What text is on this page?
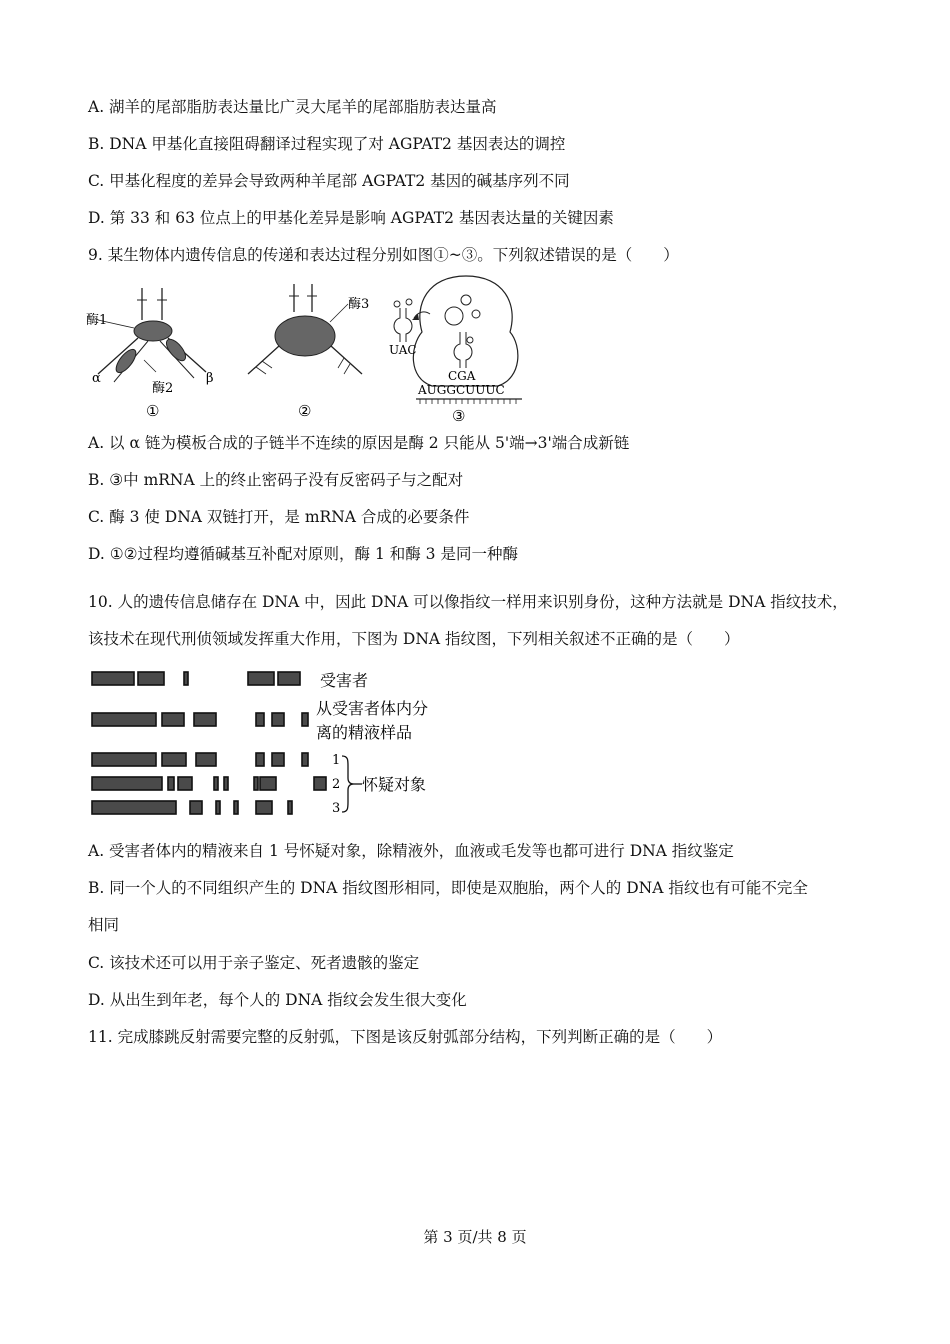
A. 湖羊的尾部脂肪表达量比广灵大尾羊的尾部脂肪表达量高
B. DNA 甲基化直接阻碍翻译过程实现了对 AGPAT2 基因表达的调控
C. 甲基化程度的差异会导致两种羊尾部 AGPAT2 基因的碱基序列不同
D. 第 33 和 63 位点上的甲基化差异是影响 AGPAT2 基因表达量的关键因素
9. 某生物体内遗传信息的传递和表达过程分别如图①~③。下列叙述错误的是（　　）
酶1
α
酶2
β
①
酶3
②
UAC
CGA
AUGGCUUUC
③
A. 以 α 链为模板合成的子链半不连续的原因是酶 2 只能从 5'端→3'端合成新链
B. ③中 mRNA 上的终止密码子没有反密码子与之配对
C. 酶 3 使 DNA 双链打开，是 mRNA 合成的必要条件
D. ①②过程均遵循碱基互补配对原则，酶 1 和酶 3 是同一种酶
10. 人的遗传信息储存在 DNA 中，因此 DNA 可以像指纹一样用来识别身份，这种方法就是 DNA 指纹技术，
该技术在现代刑侦领域发挥重大作用，下图为 DNA 指纹图，下列相关叙述不正确的是（　　）
受害者
从受害者体内分
离的精液样品
1
2
3
怀疑对象
A. 受害者体内的精液来自 1 号怀疑对象，除精液外，血液或毛发等也都可进行 DNA 指纹鉴定
B. 同一个人的不同组织产生的 DNA 指纹图形相同，即使是双胞胎，两个人的 DNA 指纹也有可能不完全
相同
C. 该技术还可以用于亲子鉴定、死者遗骸的鉴定
D. 从出生到年老，每个人的 DNA 指纹会发生很大变化
11. 完成膝跳反射需要完整的反射弧，下图是该反射弧部分结构，下列判断正确的是（　　）
第 3 页/共 8 页
